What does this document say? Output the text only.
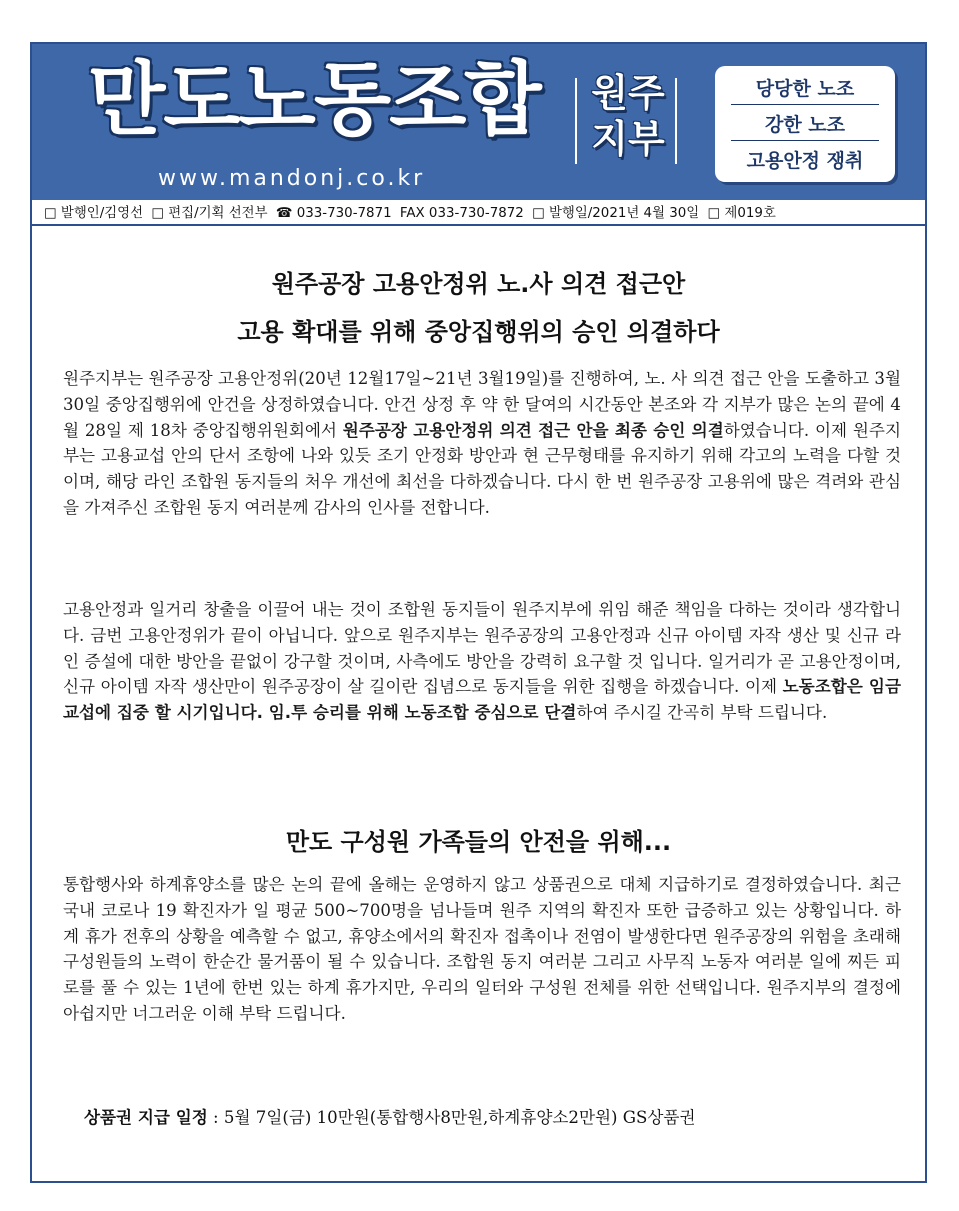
만도노동조합 원주
지부
www.mandonj.co.kr
당당한 노조
강한 노조
고용안정 쟁취
□ 발행인/김영선 □ 편집/기획 선전부 ☎ 033-730-7871 FAX 033-730-7872 □ 발행일/2021년 4월 30일 □ 제019호
원주공장 고용안정위 노.사 의견 접근안
고용 확대를 위해 중앙집행위의 승인 의결하다

원주지부는 원주공장 고용안정위(20년 12월17일~21년 3월19일)를 진행하여, 노. 사 의견 접근 안을 도출하고 3월 30일 중앙집행위에 안건을 상정하였습니다. 안건 상정 후 약 한 달여의 시간동안 본조와 각 지부가 많은 논의 끝에 4월 28일 제 18차 중앙집행위원회에서 원주공장 고용안정위 의견 접근 안을 최종 승인 의결하였습니다. 이제 원주지부는 고용교섭 안의 단서 조항에 나와 있듯 조기 안정화 방안과 현 근무형태를 유지하기 위해 각고의 노력을 다할 것이며, 해당 라인 조합원 동지들의 처우 개선에 최선을 다하겠습니다. 다시 한 번 원주공장 고용위에 많은 격려와 관심을 가져주신 조합원 동지 여러분께 감사의 인사를 전합니다.

고용안정과 일거리 창출을 이끌어 내는 것이 조합원 동지들이 원주지부에 위임 해준 책임을 다하는 것이라 생각합니다. 금번 고용안정위가 끝이 아닙니다. 앞으로 원주지부는 원주공장의 고용안정과 신규 아이템 자작 생산 및 신규 라인 증설에 대한 방안을 끝없이 강구할 것이며, 사측에도 방안을 강력히 요구할 것 입니다. 일거리가 곧 고용안정이며, 신규 아이템 자작 생산만이 원주공장이 살 길이란 집념으로 동지들을 위한 집행을 하겠습니다. 이제 노동조합은 임금교섭에 집중 할 시기입니다. 임.투 승리를 위해 노동조합 중심으로 단결하여 주시길 간곡히 부탁 드립니다.

만도 구성원 가족들의 안전을 위해...

통합행사와 하계휴양소를 많은 논의 끝에 올해는 운영하지 않고 상품권으로 대체 지급하기로 결정하였습니다. 최근 국내 코로나 19 확진자가 일 평균 500~700명을 넘나들며 원주 지역의 확진자 또한 급증하고 있는 상황입니다. 하계 휴가 전후의 상황을 예측할 수 없고, 휴양소에서의 확진자 접촉이나 전염이 발생한다면 원주공장의 위험을 초래해 구성원들의 노력이 한순간 물거품이 될 수 있습니다. 조합원 동지 여러분 그리고 사무직 노동자 여러분 일에 찌든 피로를 풀 수 있는 1년에 한번 있는 하계 휴가지만, 우리의 일터와 구성원 전체를 위한 선택입니다. 원주지부의 결정에 아쉽지만 너그러운 이해 부탁 드립니다.

상품권 지급 일정 : 5월 7일(금) 10만원(통합행사8만원,하계휴양소2만원) GS상품권
